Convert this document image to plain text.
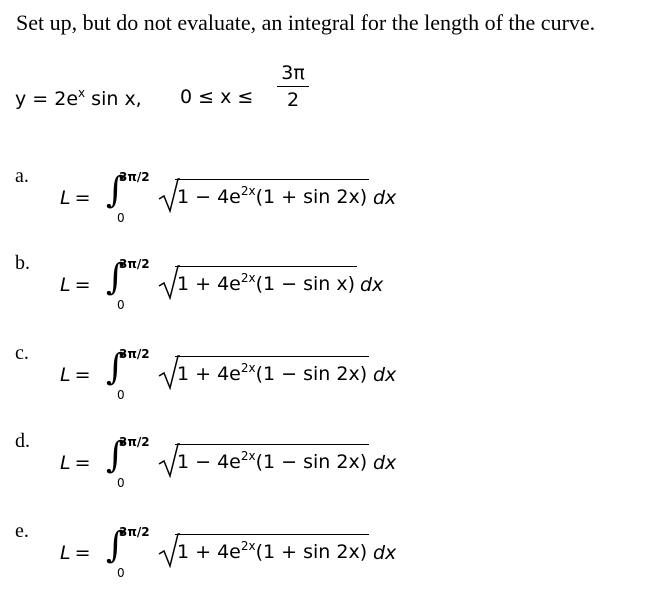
Set up, but do not evaluate, an integral for the length of the curve.
$y = 2e^x$ sin x, 0 ≤ x ≤
3π
2
a.
L = ∫
3π/2
0
$1 - 4e^{2x}(1 + \sin 2x)$ dx
b.
L = ∫
3π/2
0
$1 + 4e^{2x}(1 - \sin x)$ dx
c.
L = ∫
3π/2
0
$1 + 4e^{2x}(1 - \sin 2x)$ dx
d.
L = ∫
3π/2
0
$1 - 4e^{2x}(1 - \sin 2x)$ dx
e.
L = ∫
3π/2
0
$1 + 4e^{2x}(1 + \sin 2x)$ dx
